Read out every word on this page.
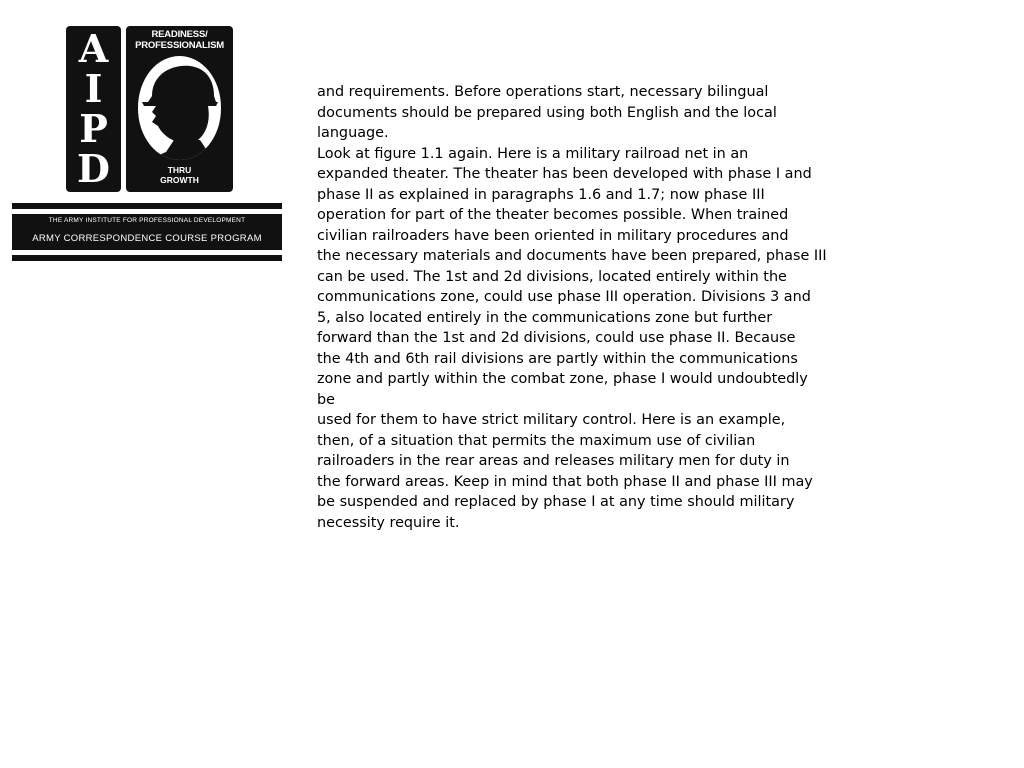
A
I
P
D
READINESS/
PROFESSIONALISM
THRU
GROWTH
THE ARMY INSTITUTE FOR PROFESSIONAL DEVELOPMENT
ARMY CORRESPONDENCE COURSE PROGRAM
and requirements. Before operations start, necessary bilingual
documents should be prepared using both English and the local
language.
Look at figure 1.1 again. Here is a military railroad net in an
expanded theater. The theater has been developed with phase I and
phase II as explained in paragraphs 1.6 and 1.7; now phase III
operation for part of the theater becomes possible. When trained
civilian railroaders have been oriented in military procedures and
the necessary materials and documents have been prepared, phase III
can be used. The 1st and 2d divisions, located entirely within the
communications zone, could use phase III operation. Divisions 3 and
5, also located entirely in the communications zone but further
forward than the 1st and 2d divisions, could use phase II. Because
the 4th and 6th rail divisions are partly within the communications
zone and partly within the combat zone, phase I would undoubtedly
be
used for them to have strict military control. Here is an example,
then, of a situation that permits the maximum use of civilian
railroaders in the rear areas and releases military men for duty in
the forward areas. Keep in mind that both phase II and phase III may
be suspended and replaced by phase I at any time should military
necessity require it.
